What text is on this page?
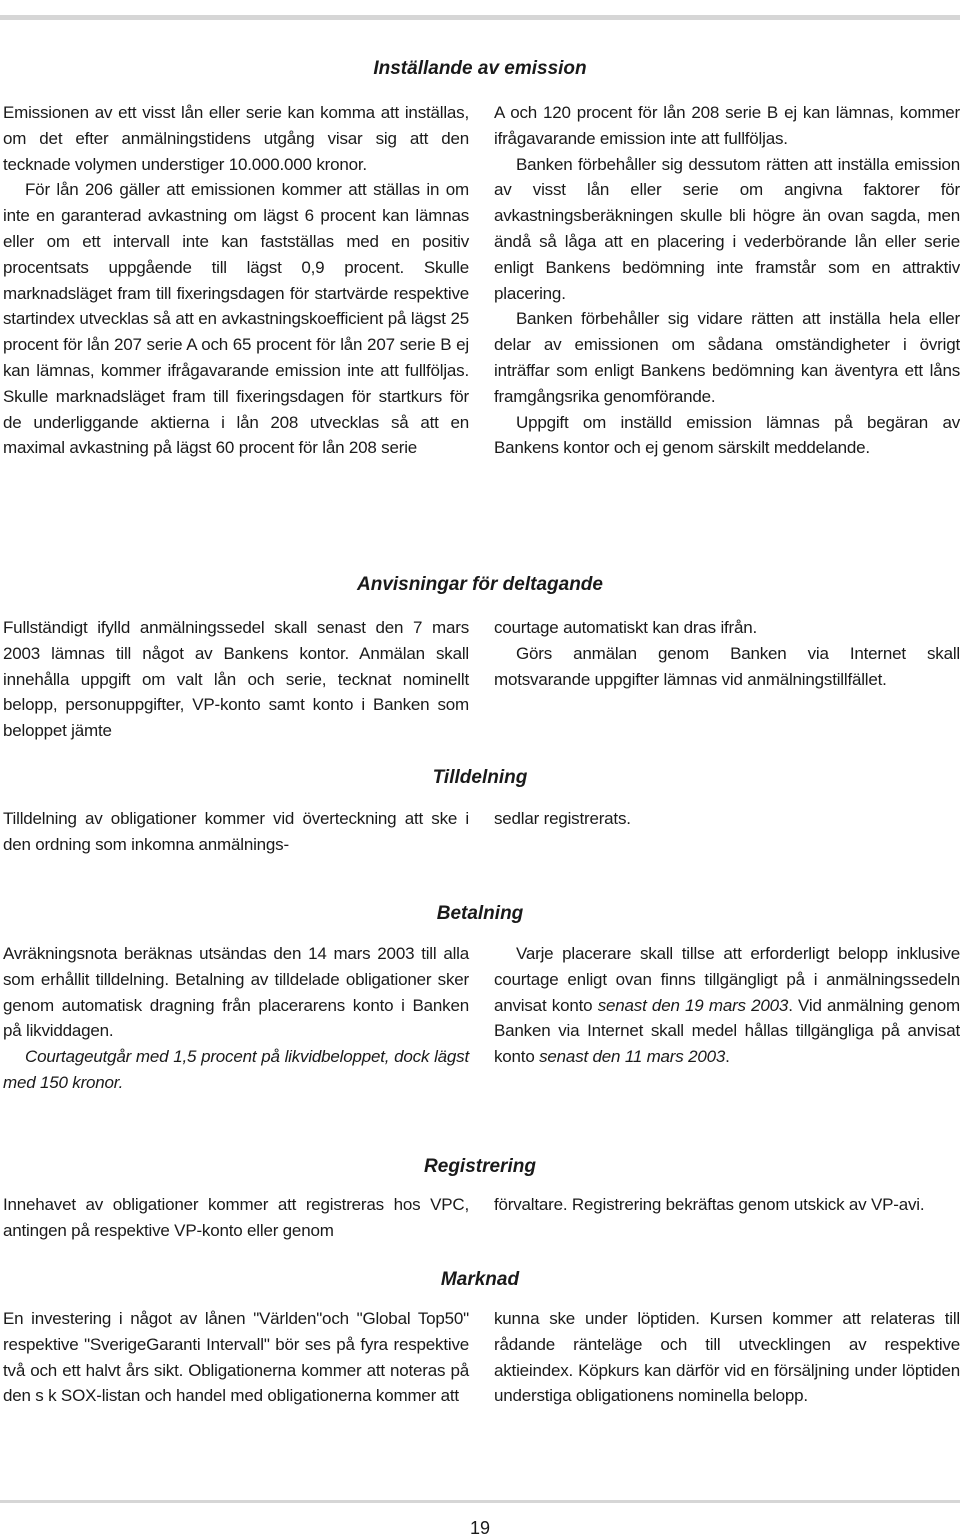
Inställande av emission

Emissionen av ett visst lån eller serie kan komma att inställas, om det efter anmälningstidens utgång visar sig att den tecknade volymen understiger 10.000.000 kronor.

För lån 206 gäller att emissionen kommer att ställas in om inte en garanterad avkastning om lägst 6 procent kan lämnas eller om ett intervall inte kan fastställas med en positiv procentsats uppgående till lägst 0,9 procent. Skulle marknadsläget fram till fixeringsdagen för startvärde respektive startindex utvecklas så att en avkastningskoefficient på lägst 25 procent för lån 207 serie A och 65 procent för lån 207 serie B ej kan lämnas, kommer ifrågavarande emission inte att fullföljas. Skulle marknadsläget fram till fixeringsdagen för startkurs för de underliggande aktierna i lån 208 utvecklas så att en maximal avkastning på lägst 60 procent för lån 208 serie

A och 120 procent för lån 208 serie B ej kan lämnas, kommer ifrågavarande emission inte att fullföljas.

Banken förbehåller sig dessutom rätten att inställa emission av visst lån eller serie om angivna faktorer för avkastningsberäkningen skulle bli högre än ovan sagda, men ändå så låga att en placering i vederbörande lån eller serie enligt Bankens bedömning inte framstår som en attraktiv placering.

Banken förbehåller sig vidare rätten att inställa hela eller delar av emissionen om sådana omständigheter i övrigt inträffar som enligt Bankens bedömning kan äventyra ett låns framgångsrika genomförande.

Uppgift om inställd emission lämnas på begäran av Bankens kontor och ej genom särskilt meddelande.

Anvisningar för deltagande

Fullständigt ifylld anmälningssedel skall senast den 7 mars 2003 lämnas till något av Bankens kontor. Anmälan skall innehålla uppgift om valt lån och serie, tecknat nominellt belopp, personuppgifter, VP-konto samt konto i Banken som beloppet jämte

courtage automatiskt kan dras ifrån.

Görs anmälan genom Banken via Internet skall motsvarande uppgifter lämnas vid anmälningstillfället.

Tilldelning

Tilldelning av obligationer kommer vid överteckning att ske i den ordning som inkomna anmälnings-

sedlar registrerats.

Betalning

Avräkningsnota beräknas utsändas den 14 mars 2003 till alla som erhållit tilldelning. Betalning av tilldelade obligationer sker genom automatisk dragning från placerarens konto i Banken på likviddagen.

Courtageutgår med 1,5 procent på likvidbeloppet, dock lägst med 150 kronor.

Varje placerare skall tillse att erforderligt belopp inklusive courtage enligt ovan finns tillgängligt på i anmälningssedeln anvisat konto senast den 19 mars 2003. Vid anmälning genom Banken via Internet skall medel hållas tillgängliga på anvisat konto senast den 11 mars 2003.

Registrering

Innehavet av obligationer kommer att registreras hos VPC, antingen på respektive VP-konto eller genom

förvaltare. Registrering bekräftas genom utskick av VP-avi.

Marknad

En investering i något av lånen "Världen"och "Global Top50" respektive "SverigeGaranti Intervall" bör ses på fyra respektive två och ett halvt års sikt. Obligationerna kommer att noteras på den s k SOX-listan och handel med obligationerna kommer att

kunna ske under löptiden. Kursen kommer att relateras till rådande ränteläge och till utvecklingen av respektive aktieindex. Köpkurs kan därför vid en försäljning under löptiden understiga obligationens nominella belopp.

19
